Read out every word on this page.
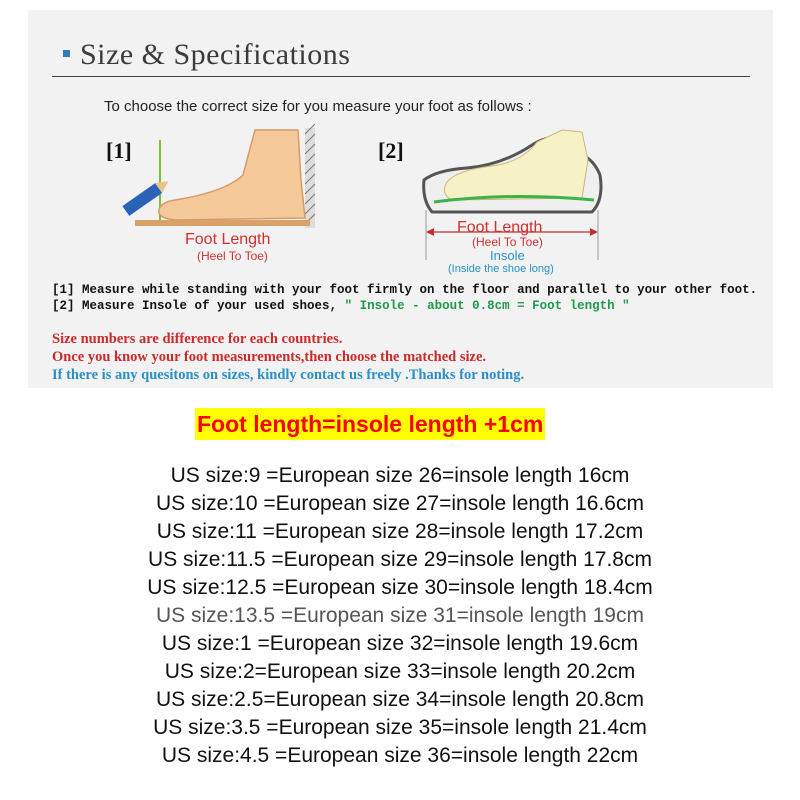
Size & Specifications
To choose the correct size for you measure your foot as follows :
[1]
Foot Length
(Heel To Toe)
[2]
Foot Length
(Heel To Toe)
Insole
(Inside the shoe long)
[1] Measure while standing with your foot firmly on the floor and parallel to your other foot.
[2] Measure Insole of your used shoes, " Insole - about 0.8cm = Foot length "
Size numbers are difference for each countries.
Once you know your foot measurements,then choose the matched size.
If there is any quesitons on sizes, kindly contact us freely .Thanks for noting.
Foot length=insole length +1cm
US size:9 =European size 26=insole length 16cm
US size:10 =European size 27=insole length 16.6cm
US size:11 =European size 28=insole length 17.2cm
US size:11.5 =European size 29=insole length 17.8cm
US size:12.5 =European size 30=insole length 18.4cm
US size:13.5 =European size 31=insole length 19cm
US size:1 =European size 32=insole length 19.6cm
US size:2=European size 33=insole length 20.2cm
US size:2.5=European size 34=insole length 20.8cm
US size:3.5 =European size 35=insole length 21.4cm
US size:4.5 =European size 36=insole length 22cm
